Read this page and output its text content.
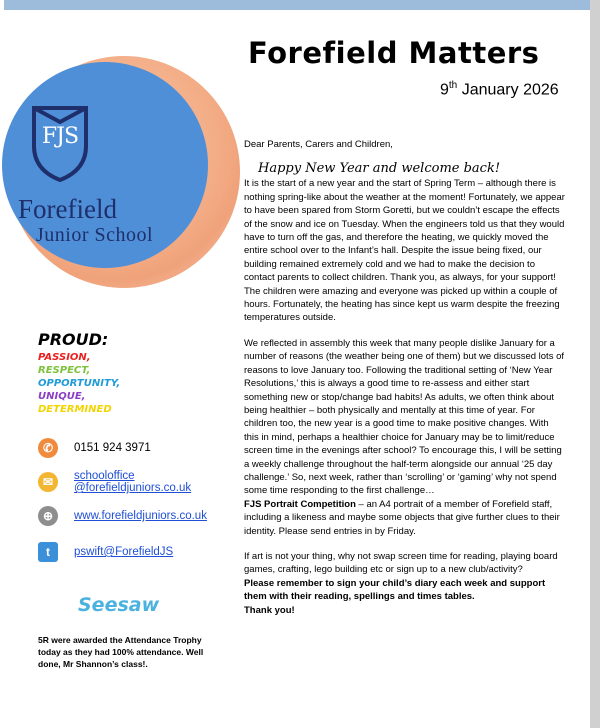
FJS
Forefield
Junior School
Forefield Matters
9th January 2026
PROUD:
PASSION,
RESPECT,
OPPORTUNITY,
UNIQUE,
DETERMINED
✆	0151 924 3971
✉	schooloffice
@forefieldjuniors.co.uk
⊕	www.forefieldjuniors.co.uk
t	pswift@ForefieldJS
Seesaw
5R were awarded the Attendance Trophy today as they had 100% attendance. Well done, Mr Shannon’s class!.

Dear Parents, Carers and Children,

Happy New Year and welcome back!

It is the start of a new year and the start of Spring Term – although there is nothing spring-like about the weather at the moment! Fortunately, we appear to have been spared from Storm Goretti, but we couldn’t escape the effects of the snow and ice on Tuesday. When the engineers told us that they would have to turn off the gas, and therefore the heating, we quickly moved the entire school over to the Infant’s hall. Despite the issue being fixed, our building remained extremely cold and we had to make the decision to contact parents to collect children. Thank you, as always, for your support! The children were amazing and everyone was picked up within a couple of hours. Fortunately, the heating has since kept us warm despite the freezing temperatures outside.

We reflected in assembly this week that many people dislike January for a number of reasons (the weather being one of them) but we discussed lots of reasons to love January too. Following the traditional setting of ‘New Year Resolutions,’ this is always a good time to re-assess and either start something new or stop/change bad habits! As adults, we often think about being healthier – both physically and mentally at this time of year. For children too, the new year is a good time to make positive changes. With this in mind, perhaps a healthier choice for January may be to limit/reduce screen time in the evenings after school? To encourage this, I will be setting a weekly challenge throughout the half-term alongside our annual ‘25 day challenge.’ So, next week, rather than ‘scrolling’ or ‘gaming’ why not spend some time responding to the first challenge…

FJS Portrait Competition – an A4 portrait of a member of Forefield staff, including a likeness and maybe some objects that give further clues to their identity. Please send entries in by Friday.

If art is not your thing, why not swap screen time for reading, playing board games, crafting, lego building etc or sign up to a new club/activity?

Please remember to sign your child’s diary each week and support them with their reading, spellings and times tables.

Thank you!
